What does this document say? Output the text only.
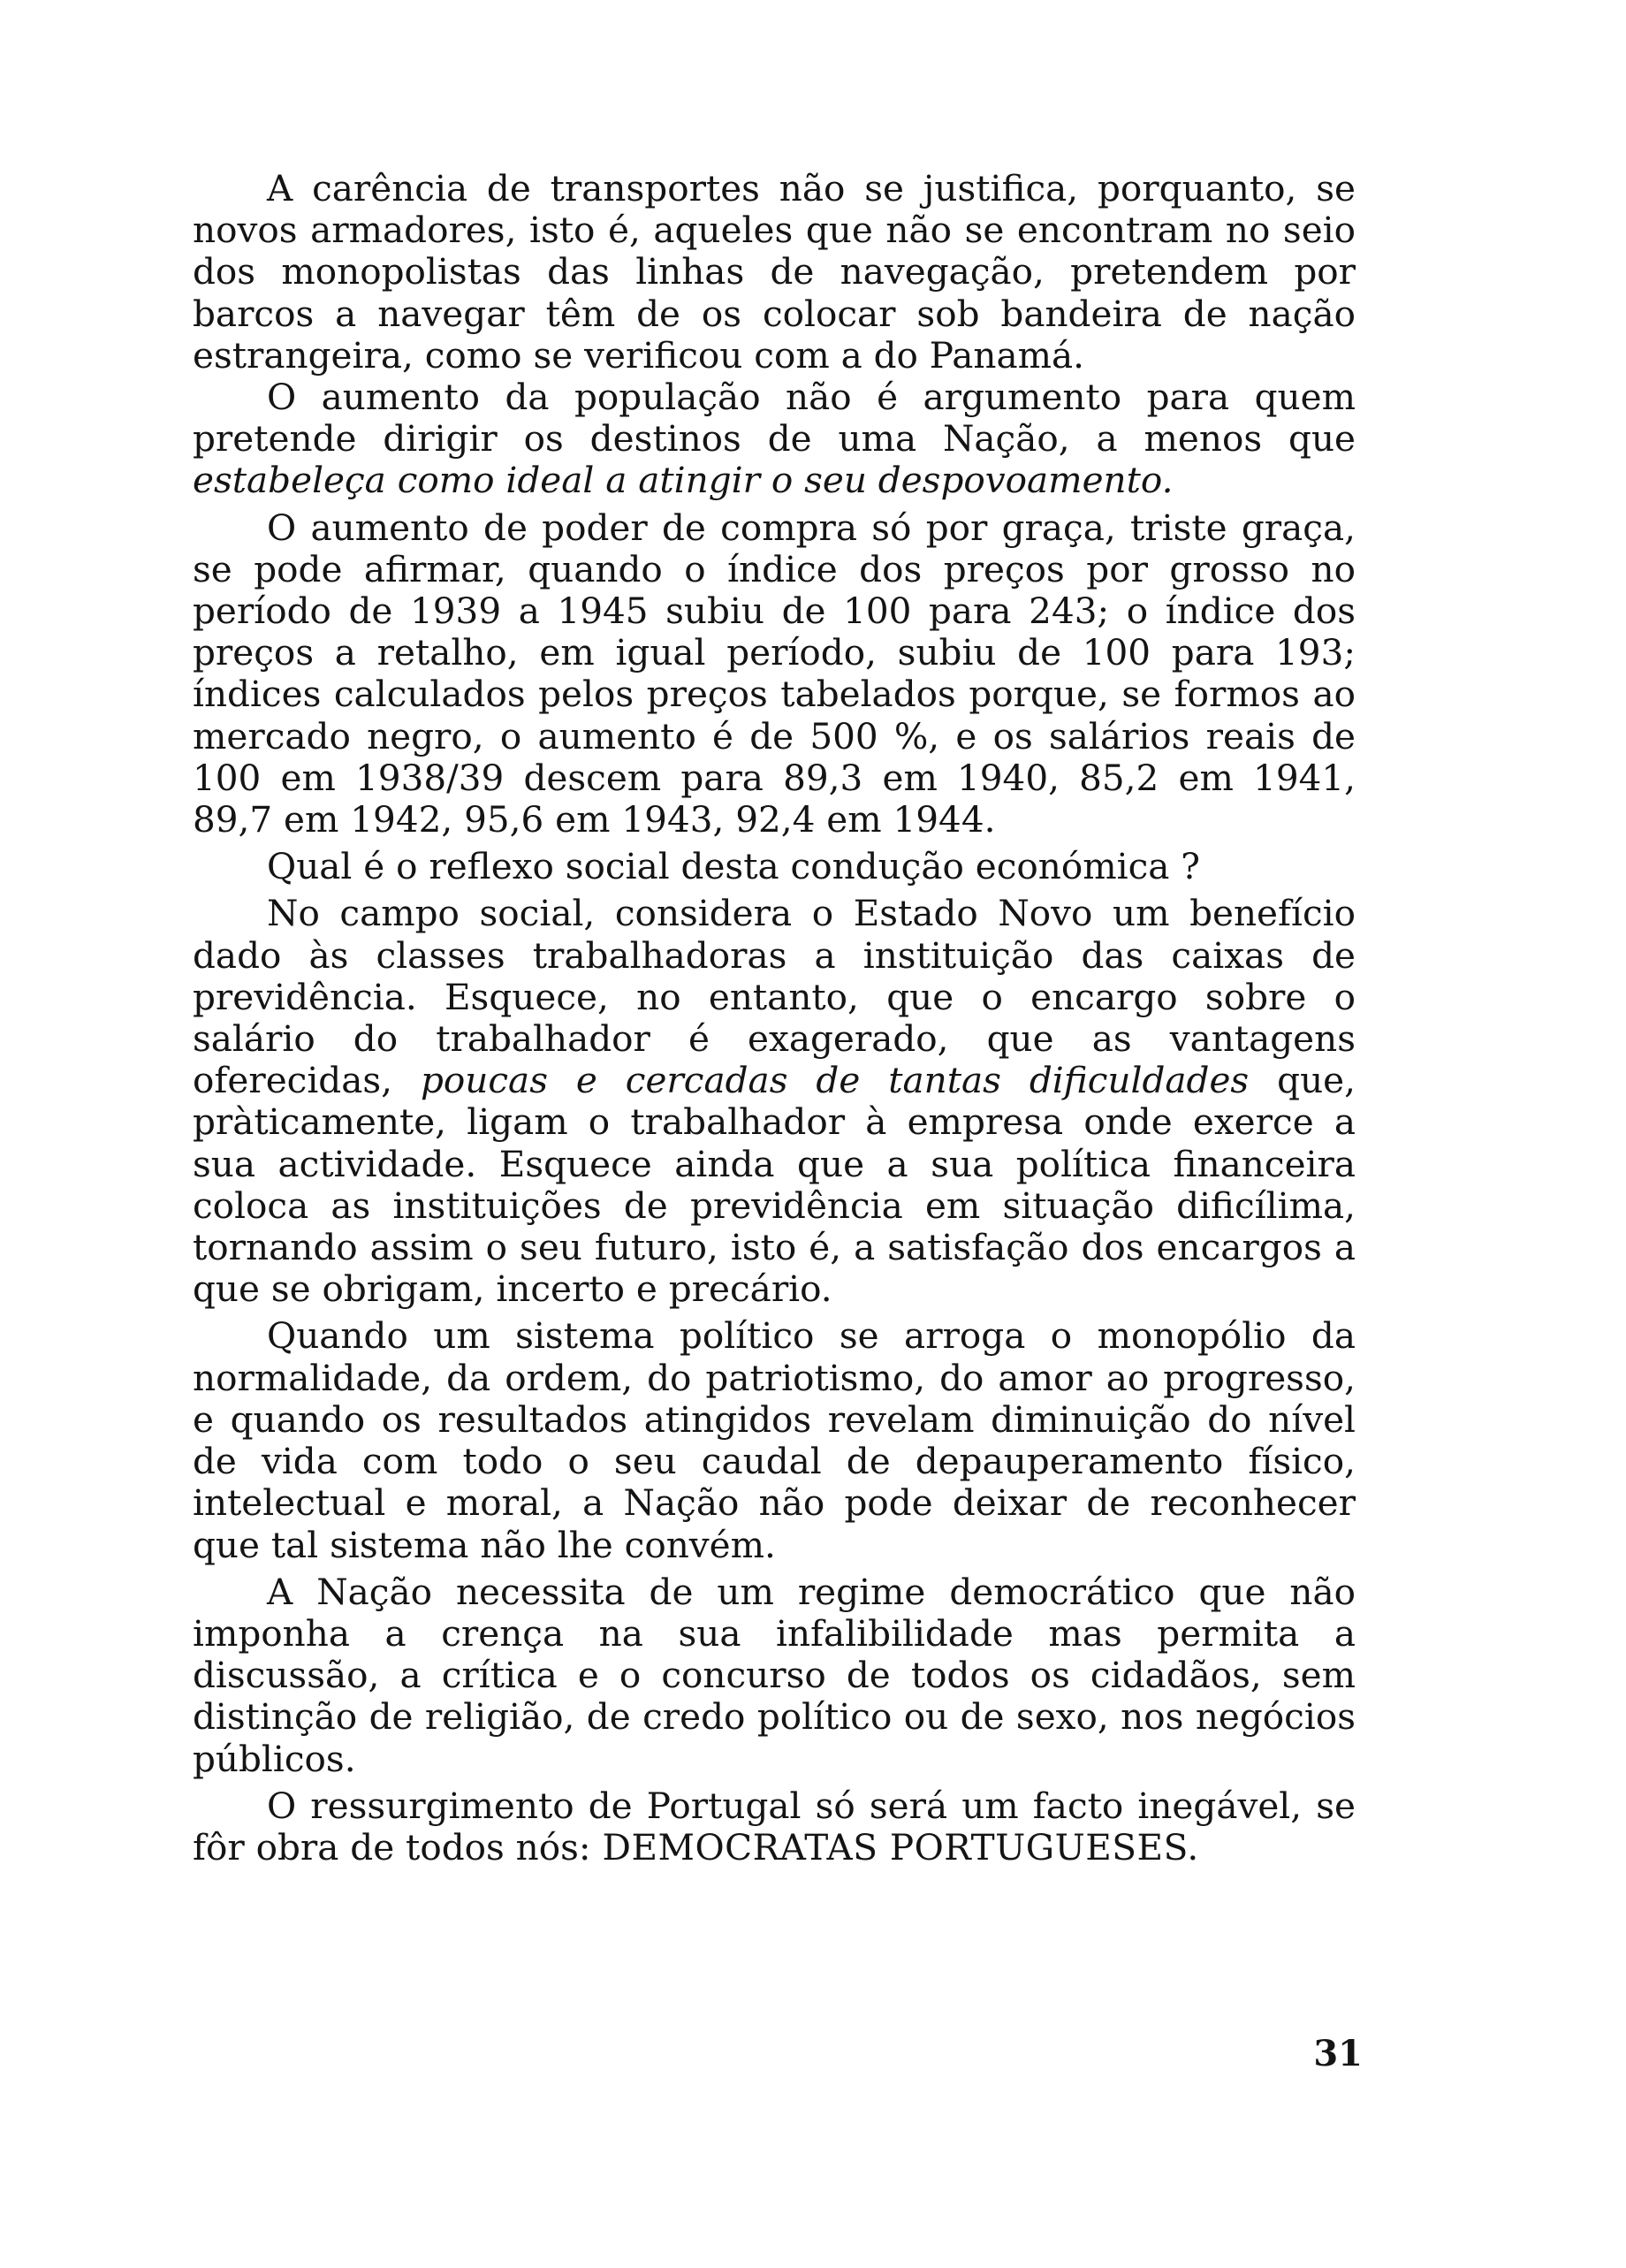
A carência de transportes não se justifica, porquanto, se novos armadores, isto é, aqueles que não se encontram no seio dos monopolistas das linhas de navegação, pretendem por barcos a navegar têm de os colocar sob bandeira de nação estrangeira, como se verificou com a do Panamá.

O aumento da população não é argumento para quem pretende dirigir os destinos de uma Nação, a menos que estabeleça como ideal a atingir o seu despovoamento.

O aumento de poder de compra só por graça, triste graça, se pode afirmar, quando o índice dos preços por grosso no período de 1939 a 1945 subiu de 100 para 243; o índice dos preços a retalho, em igual período, subiu de 100 para 193; índices calculados pelos preços tabelados porque, se formos ao mercado negro, o aumento é de 500 %, e os salários reais de 100 em 1938/39 descem para 89,3 em 1940, 85,2 em 1941, 89,7 em 1942, 95,6 em 1943, 92,4 em 1944.

Qual é o reflexo social desta condução económica ?

No campo social, considera o Estado Novo um benefício dado às classes trabalhadoras a instituição das caixas de previdência. Esquece, no entanto, que o encargo sobre o salário do trabalhador é exagerado, que as vantagens oferecidas, poucas e cercadas de tantas dificuldades que, pràticamente, ligam o trabalhador à empresa onde exerce a sua actividade. Esquece ainda que a sua política financeira coloca as instituições de previdência em situação dificílima, tornando assim o seu futuro, isto é, a satisfação dos encargos a que se obrigam, incerto e precário.

Quando um sistema político se arroga o monopólio da normalidade, da ordem, do patriotismo, do amor ao progresso, e quando os resultados atingidos revelam diminuição do nível de vida com todo o seu caudal de depauperamento físico, intelectual e moral, a Nação não pode deixar de reconhecer que tal sistema não lhe convém.

A Nação necessita de um regime democrático que não imponha a crença na sua infalibilidade mas permita a discussão, a crítica e o concurso de todos os cidadãos, sem distinção de religião, de credo político ou de sexo, nos negócios públicos.

O ressurgimento de Portugal só será um facto inegável, se fôr obra de todos nós: DEMOCRATAS PORTUGUESES.

31
